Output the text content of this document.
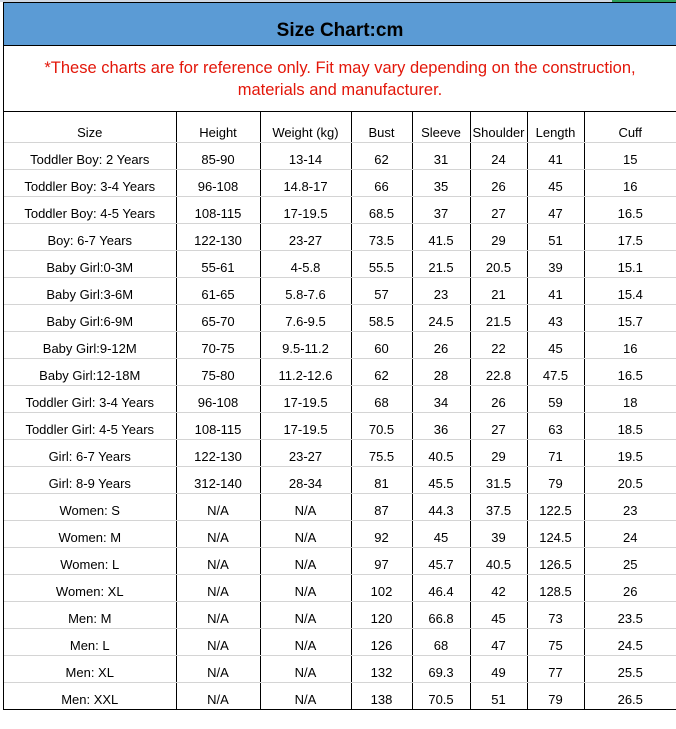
Size Chart:cm
*These charts are for reference only. Fit may vary depending on the construction, materials and manufacturer.
Size	Height	Weight (kg)	Bust	Sleeve	Shoulder	Length	Cuff
Toddler Boy: 2 Years	85-90	13-14	62	31	24	41	15
Toddler Boy: 3-4 Years	96-108	14.8-17	66	35	26	45	16
Toddler Boy: 4-5 Years	108-115	17-19.5	68.5	37	27	47	16.5
Boy: 6-7 Years	122-130	23-27	73.5	41.5	29	51	17.5
Baby Girl:0-3M	55-61	4-5.8	55.5	21.5	20.5	39	15.1
Baby Girl:3-6M	61-65	5.8-7.6	57	23	21	41	15.4
Baby Girl:6-9M	65-70	7.6-9.5	58.5	24.5	21.5	43	15.7
Baby Girl:9-12M	70-75	9.5-11.2	60	26	22	45	16
Baby Girl:12-18M	75-80	11.2-12.6	62	28	22.8	47.5	16.5
Toddler Girl: 3-4 Years	96-108	17-19.5	68	34	26	59	18
Toddler Girl: 4-5 Years	108-115	17-19.5	70.5	36	27	63	18.5
Girl: 6-7 Years	122-130	23-27	75.5	40.5	29	71	19.5
Girl: 8-9 Years	312-140	28-34	81	45.5	31.5	79	20.5
Women: S	N/A	N/A	87	44.3	37.5	122.5	23
Women: M	N/A	N/A	92	45	39	124.5	24
Women: L	N/A	N/A	97	45.7	40.5	126.5	25
Women: XL	N/A	N/A	102	46.4	42	128.5	26
Men: M	N/A	N/A	120	66.8	45	73	23.5
Men: L	N/A	N/A	126	68	47	75	24.5
Men: XL	N/A	N/A	132	69.3	49	77	25.5
Men: XXL	N/A	N/A	138	70.5	51	79	26.5
